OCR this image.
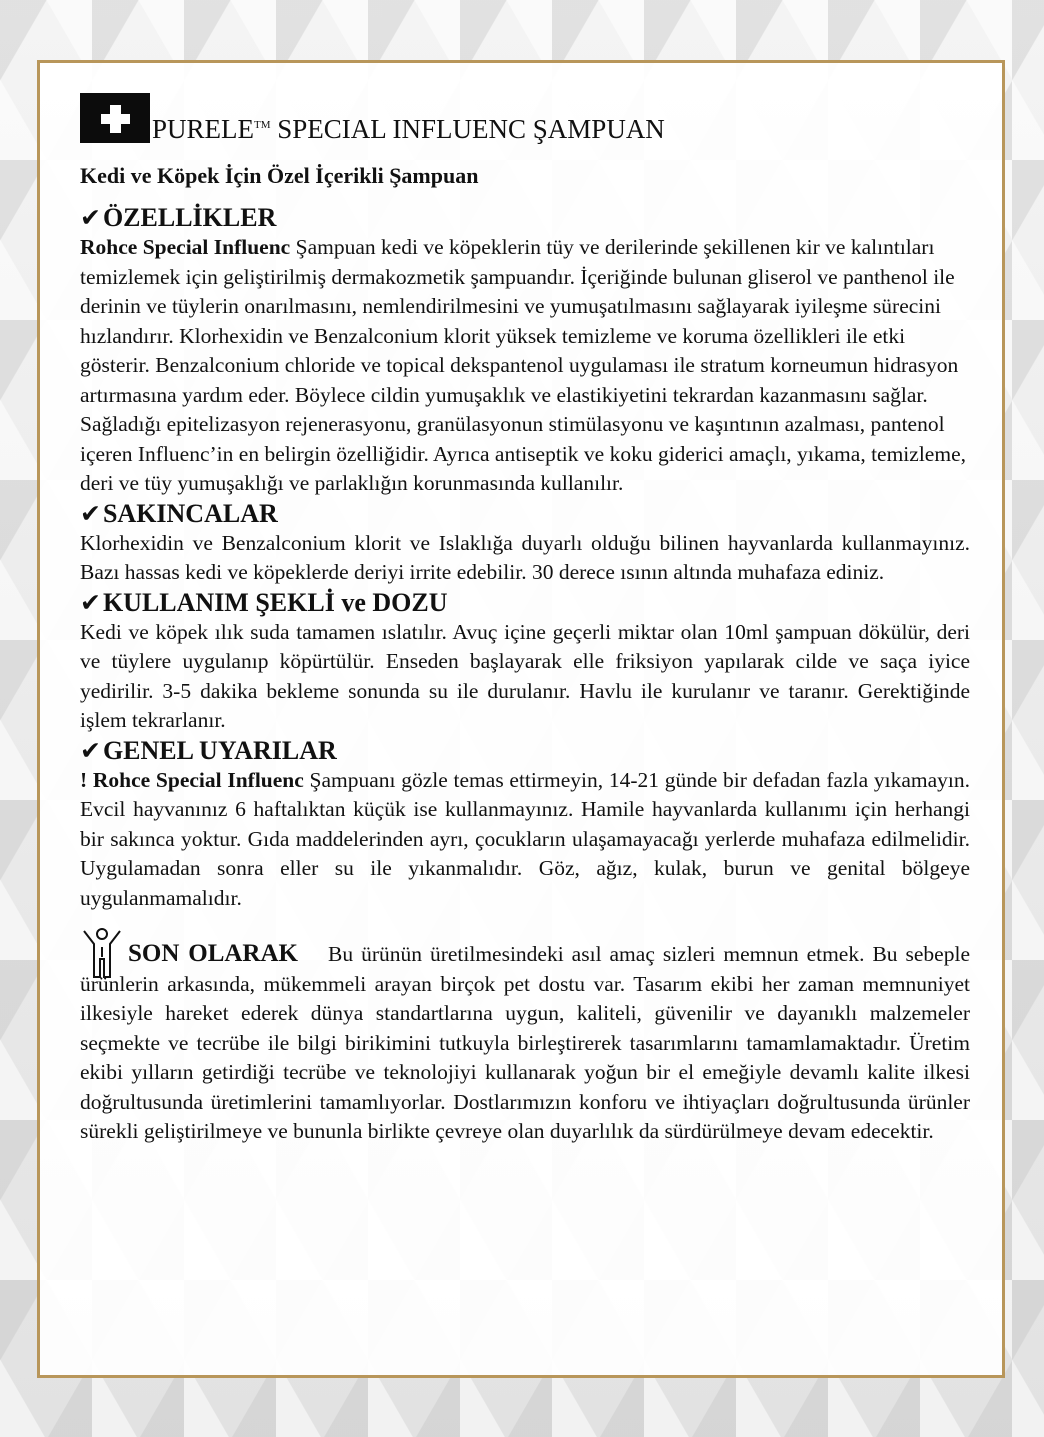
PURELE™ SPECIAL INFLUENC ŞAMPUAN
Kedi ve Köpek İçin Özel İçerikli Şampuan
✔ÖZELLİKLER

Rohce Special Influenc Şampuan kedi ve köpeklerin tüy ve derilerinde şekillenen kir ve kalıntıları temizlemek için geliştirilmiş dermakozmetik şampuandır. İçeriğinde bulunan gliserol ve panthenol ile derinin ve tüylerin onarılmasını, nemlendirilmesini ve yumuşatılmasını sağlayarak iyileşme sürecini hızlandırır. Klorhexidin ve Benzalconium klorit yüksek temizleme ve koruma özellikleri ile etki gösterir. Benzalconium chloride ve topical dekspantenol uygulaması ile stratum korneumun hidrasyon artırmasına yardım eder. Böylece cildin yumuşaklık ve elastikiyetini tekrardan kazanmasını sağlar. Sağladığı epitelizasyon rejenerasyonu, granülasyonun stimülasyonu ve kaşıntının azalması, pantenol içeren Influenc’in en belirgin özelliğidir. Ayrıca antiseptik ve koku giderici amaçlı, yıkama, temizleme, deri ve tüy yumuşaklığı ve parlaklığın korunmasında kullanılır.

✔SAKINCALAR

Klorhexidin ve Benzalconium klorit ve Islaklığa duyarlı olduğu bilinen hayvanlarda kullanmayınız. Bazı hassas kedi ve köpeklerde deriyi irrite edebilir. 30 derece ısının altında muhafaza ediniz.

✔KULLANIM ŞEKLİ ve DOZU

Kedi ve köpek ılık suda tamamen ıslatılır. Avuç içine geçerli miktar olan 10ml şampuan dökülür, deri ve tüylere uygulanıp köpürtülür. Enseden başlayarak elle friksiyon yapılarak cilde ve saça iyice yedirilir. 3-5 dakika bekleme sonunda su ile durulanır. Havlu ile kurulanır ve taranır. Gerektiğinde işlem tekrarlanır.

✔GENEL UYARILAR

! Rohce Special Influenc Şampuanı gözle temas ettirmeyin, 14-21 günde bir defadan fazla yıkamayın. Evcil hayvanınız 6 haftalıktan küçük ise kullanmayınız. Hamile hayvanlarda kullanımı için herhangi bir sakınca yoktur. Gıda maddelerinden ayrı, çocukların ulaşamayacağı yerlerde muhafaza edilmelidir. Uygulamadan sonra eller su ile yıkanmalıdır. Göz, ağız, kulak, burun ve genital bölgeye uygulanmamalıdır.

SON OLARAK Bu ürünün üretilmesindeki asıl amaç sizleri memnun etmek. Bu sebeple ürünlerin arkasında, mükemmeli arayan birçok pet dostu var. Tasarım ekibi her zaman memnuniyet ilkesiyle hareket ederek dünya standartlarına uygun, kaliteli, güvenilir ve dayanıklı malzemeler seçmekte ve tecrübe ile bilgi birikimini tutkuyla birleştirerek tasarımlarını tamamlamaktadır. Üretim ekibi yılların getirdiği tecrübe ve teknolojiyi kullanarak yoğun bir el emeğiyle devamlı kalite ilkesi doğrultusunda üretimlerini tamamlıyorlar. Dostlarımızın konforu ve ihtiyaçları doğrultusunda ürünler sürekli geliştirilmeye ve bununla birlikte çevreye olan duyarlılık da sürdürülmeye devam edecektir.
